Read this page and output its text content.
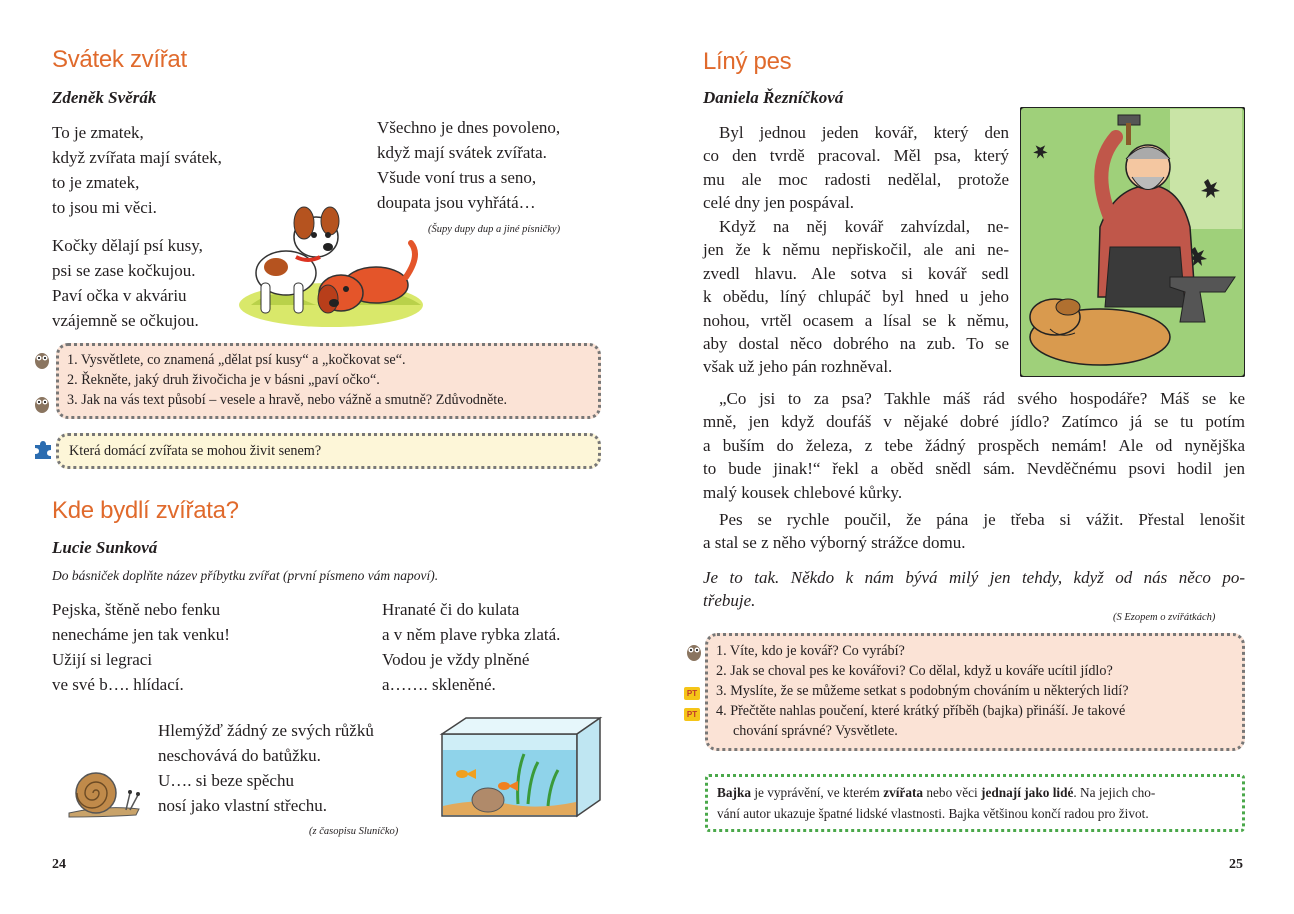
Svátek zvířat
Zdeněk Svěrák
To je zmatek,
když zvířata mají svátek,
to je zmatek,
to jsou mi věci.
Kočky dělají psí kusy,
psi se zase kočkujou.
Paví očka v akváriu
vzájemně se očkujou.
Všechno je dnes povoleno,
když mají svátek zvířata.
Všude voní trus a seno,
doupata jsou vyhřátá…
(Šupy dupy dup a jiné písničky)
1. Vysvětlete, co znamená „dělat psí kusy“ a „kočkovat se“.
2. Řekněte, jaký druh živočicha je v básni „paví očko“.
3. Jak na vás text působí – vesele a hravě, nebo vážně a smutně? Zdůvodněte.
Která domácí zvířata se mohou živit senem?
Kde bydlí zvířata?
Lucie Sunková
Do básniček doplňte název příbytku zvířat (první písmeno vám napoví).
Pejska, štěně nebo fenku
nenecháme jen tak venku!
Užijí si legraci
ve své b…. hlídací.
Hranaté či do kulata
a v něm plave rybka zlatá.
Vodou je vždy plněné
a……. skleněné.
Hlemýžď žádný ze svých růžků
neschovává do batůžku.
U…. si beze spěchu
nosí jako vlastní střechu.
(z časopisu Sluníčko)
24
Líný pes
Daniela Řezníčková
Byl jednou jeden kovář, který den
co den tvrdě pracoval. Měl psa, který
mu ale moc radosti nedělal, protože
celé dny jen pospával.
Když na něj kovář zahvízdal, ne-
jen že k němu nepřiskočil, ale ani ne-
zvedl hlavu. Ale sotva si kovář sedl
k obědu, líný chlupáč byl hned u jeho
nohou, vrtěl ocasem a lísal se k němu,
aby dostal něco dobrého na zub. To se
však už jeho pán rozhněval.
„Co jsi to za psa? Takhle máš rád svého hospodáře? Máš se ke
mně, jen když doufáš v nějaké dobré jídlo? Zatímco já se tu potím
a buším do železa, z tebe žádný prospěch nemám! Ale od nynějška
to bude jinak!“ řekl a oběd snědl sám. Nevděčnému psovi hodil jen
malý kousek chlebové kůrky.
Pes se rychle poučil, že pána je třeba si vážit. Přestal lenošit
a stal se z něho výborný strážce domu.
Je to tak. Někdo k nám bývá milý jen tehdy, když od nás něco po-
třebuje.
(S Ezopem o zvířátkách)
PT
PT
1. Víte, kdo je kovář? Co vyrábí?
2. Jak se choval pes ke kovářovi? Co dělal, když u kováře ucítil jídlo?
3. Myslíte, že se můžeme setkat s podobným chováním u některých lidí?
4. Přečtěte nahlas poučení, které krátký příběh (bajka) přináší. Je takové
chování správné? Vysvětlete.
Bajka je vyprávění, ve kterém zvířata nebo věci jednají jako lidé. Na jejich cho-
vání autor ukazuje špatné lidské vlastnosti. Bajka většinou končí radou pro život.
25
